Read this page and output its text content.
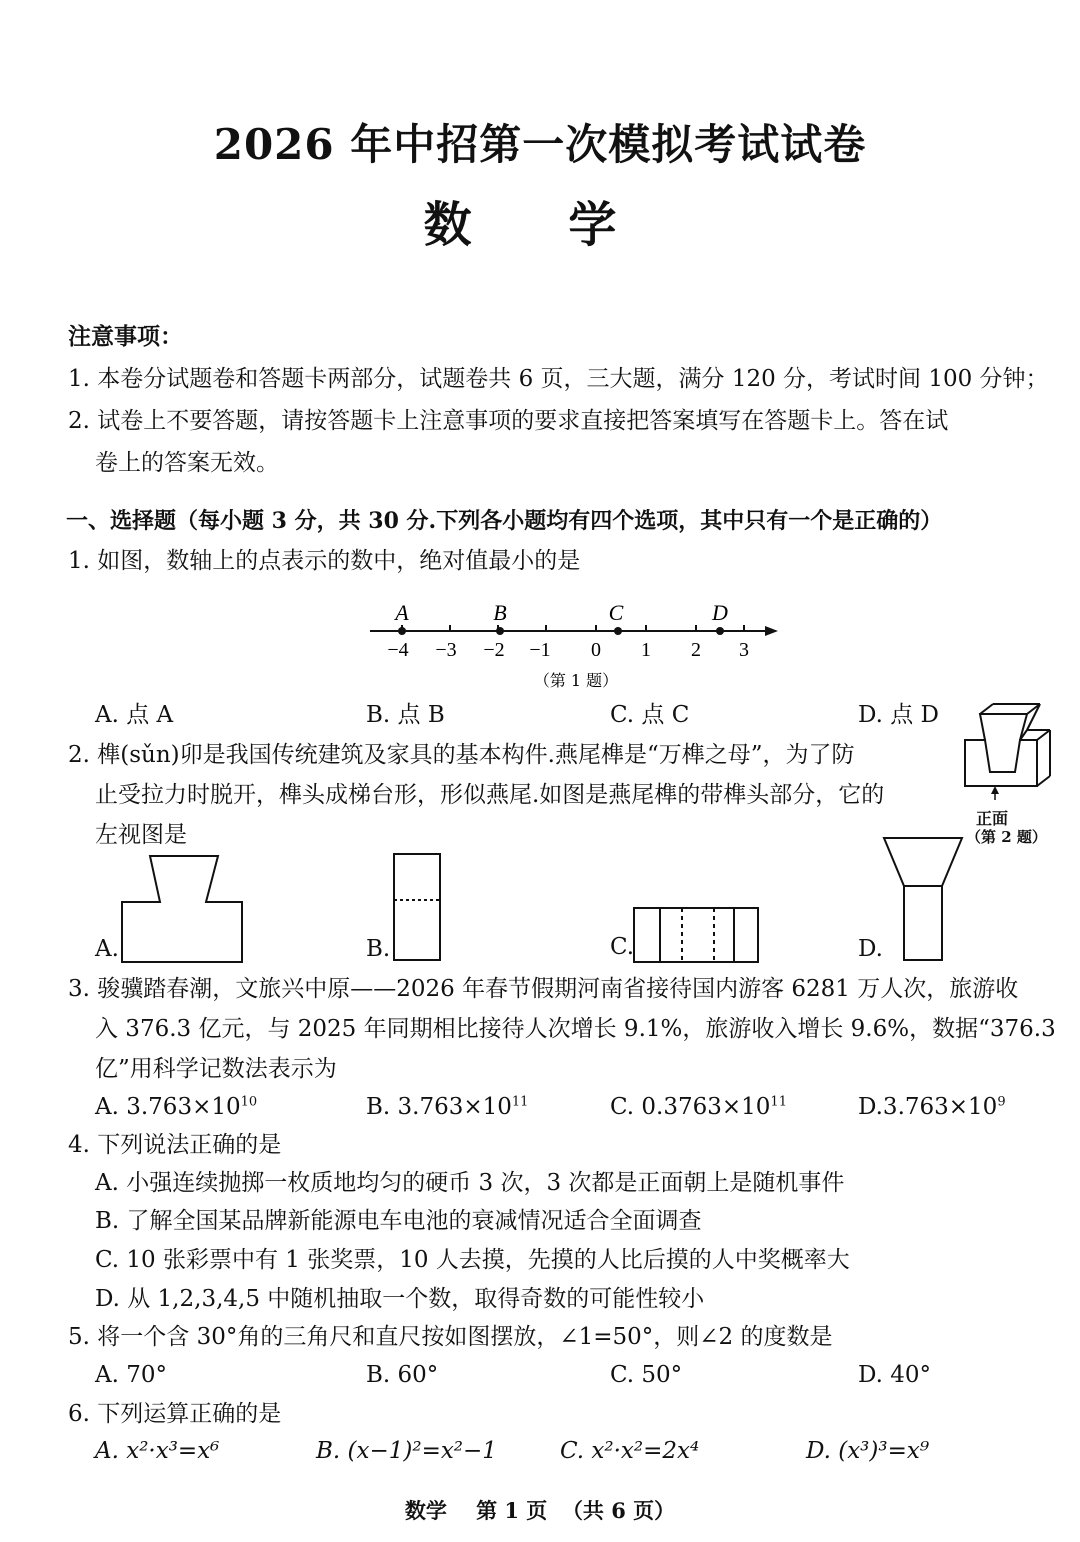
2026 年中招第一次模拟考试试卷
数 学
注意事项：
1. 本卷分试题卷和答题卡两部分，试题卷共 6 页，三大题，满分 120 分，考试时间 100 分钟；
2. 试卷上不要答题，请按答题卡上注意事项的要求直接把答案填写在答题卡上。答在试
卷上的答案无效。
一、选择题（每小题 3 分，共 30 分.下列各小题均有四个选项，其中只有一个是正确的）
1. 如图，数轴上的点表示的数中，绝对值最小的是
A	B	C	D
−4 −3 −2 −1 0 1 2 3
（第 1 题）
A. 点 A	B. 点 B	C. 点 C	D. 点 D
2. 榫(sǔn)卯是我国传统建筑及家具的基本构件.燕尾榫是“万榫之母”，为了防
止受拉力时脱开，榫头成梯台形，形似燕尾.如图是燕尾榫的带榫头部分，它的
左视图是
正面
（第 2 题）
A.	B.	C.	D.
3. 骏骥踏春潮，文旅兴中原——2026 年春节假期河南省接待国内游客 6281 万人次，旅游收
入 376.3 亿元，与 2025 年同期相比接待人次增长 9.1%，旅游收入增长 9.6%，数据“376.3
亿”用科学记数法表示为
A. $3.763\times 10^{10}$	B. $3.763\times 10^{11}$	C. $0.3763\times 10^{11}$	$D.3.763\times 10^9$
4. 下列说法正确的是
A. 小强连续抛掷一枚质地均匀的硬币 3 次，3 次都是正面朝上是随机事件
B. 了解全国某品牌新能源电车电池的衰减情况适合全面调查
C. 10 张彩票中有 1 张奖票，10 人去摸，先摸的人比后摸的人中奖概率大
D. 从 1,2,3,4,5 中随机抽取一个数，取得奇数的可能性较小
5. 将一个含 30°角的三角尺和直尺按如图摆放，∠1=50°，则∠2 的度数是
A. 70°	B. 60°	C. 50°	D. 40°
6. 下列运算正确的是
A. x²·x³=x⁶	B. (x−1)²=x²−1	C. x²·x²=2x⁴	D. (x³)³=x⁹
数学    第 1 页  （共 6 页）
